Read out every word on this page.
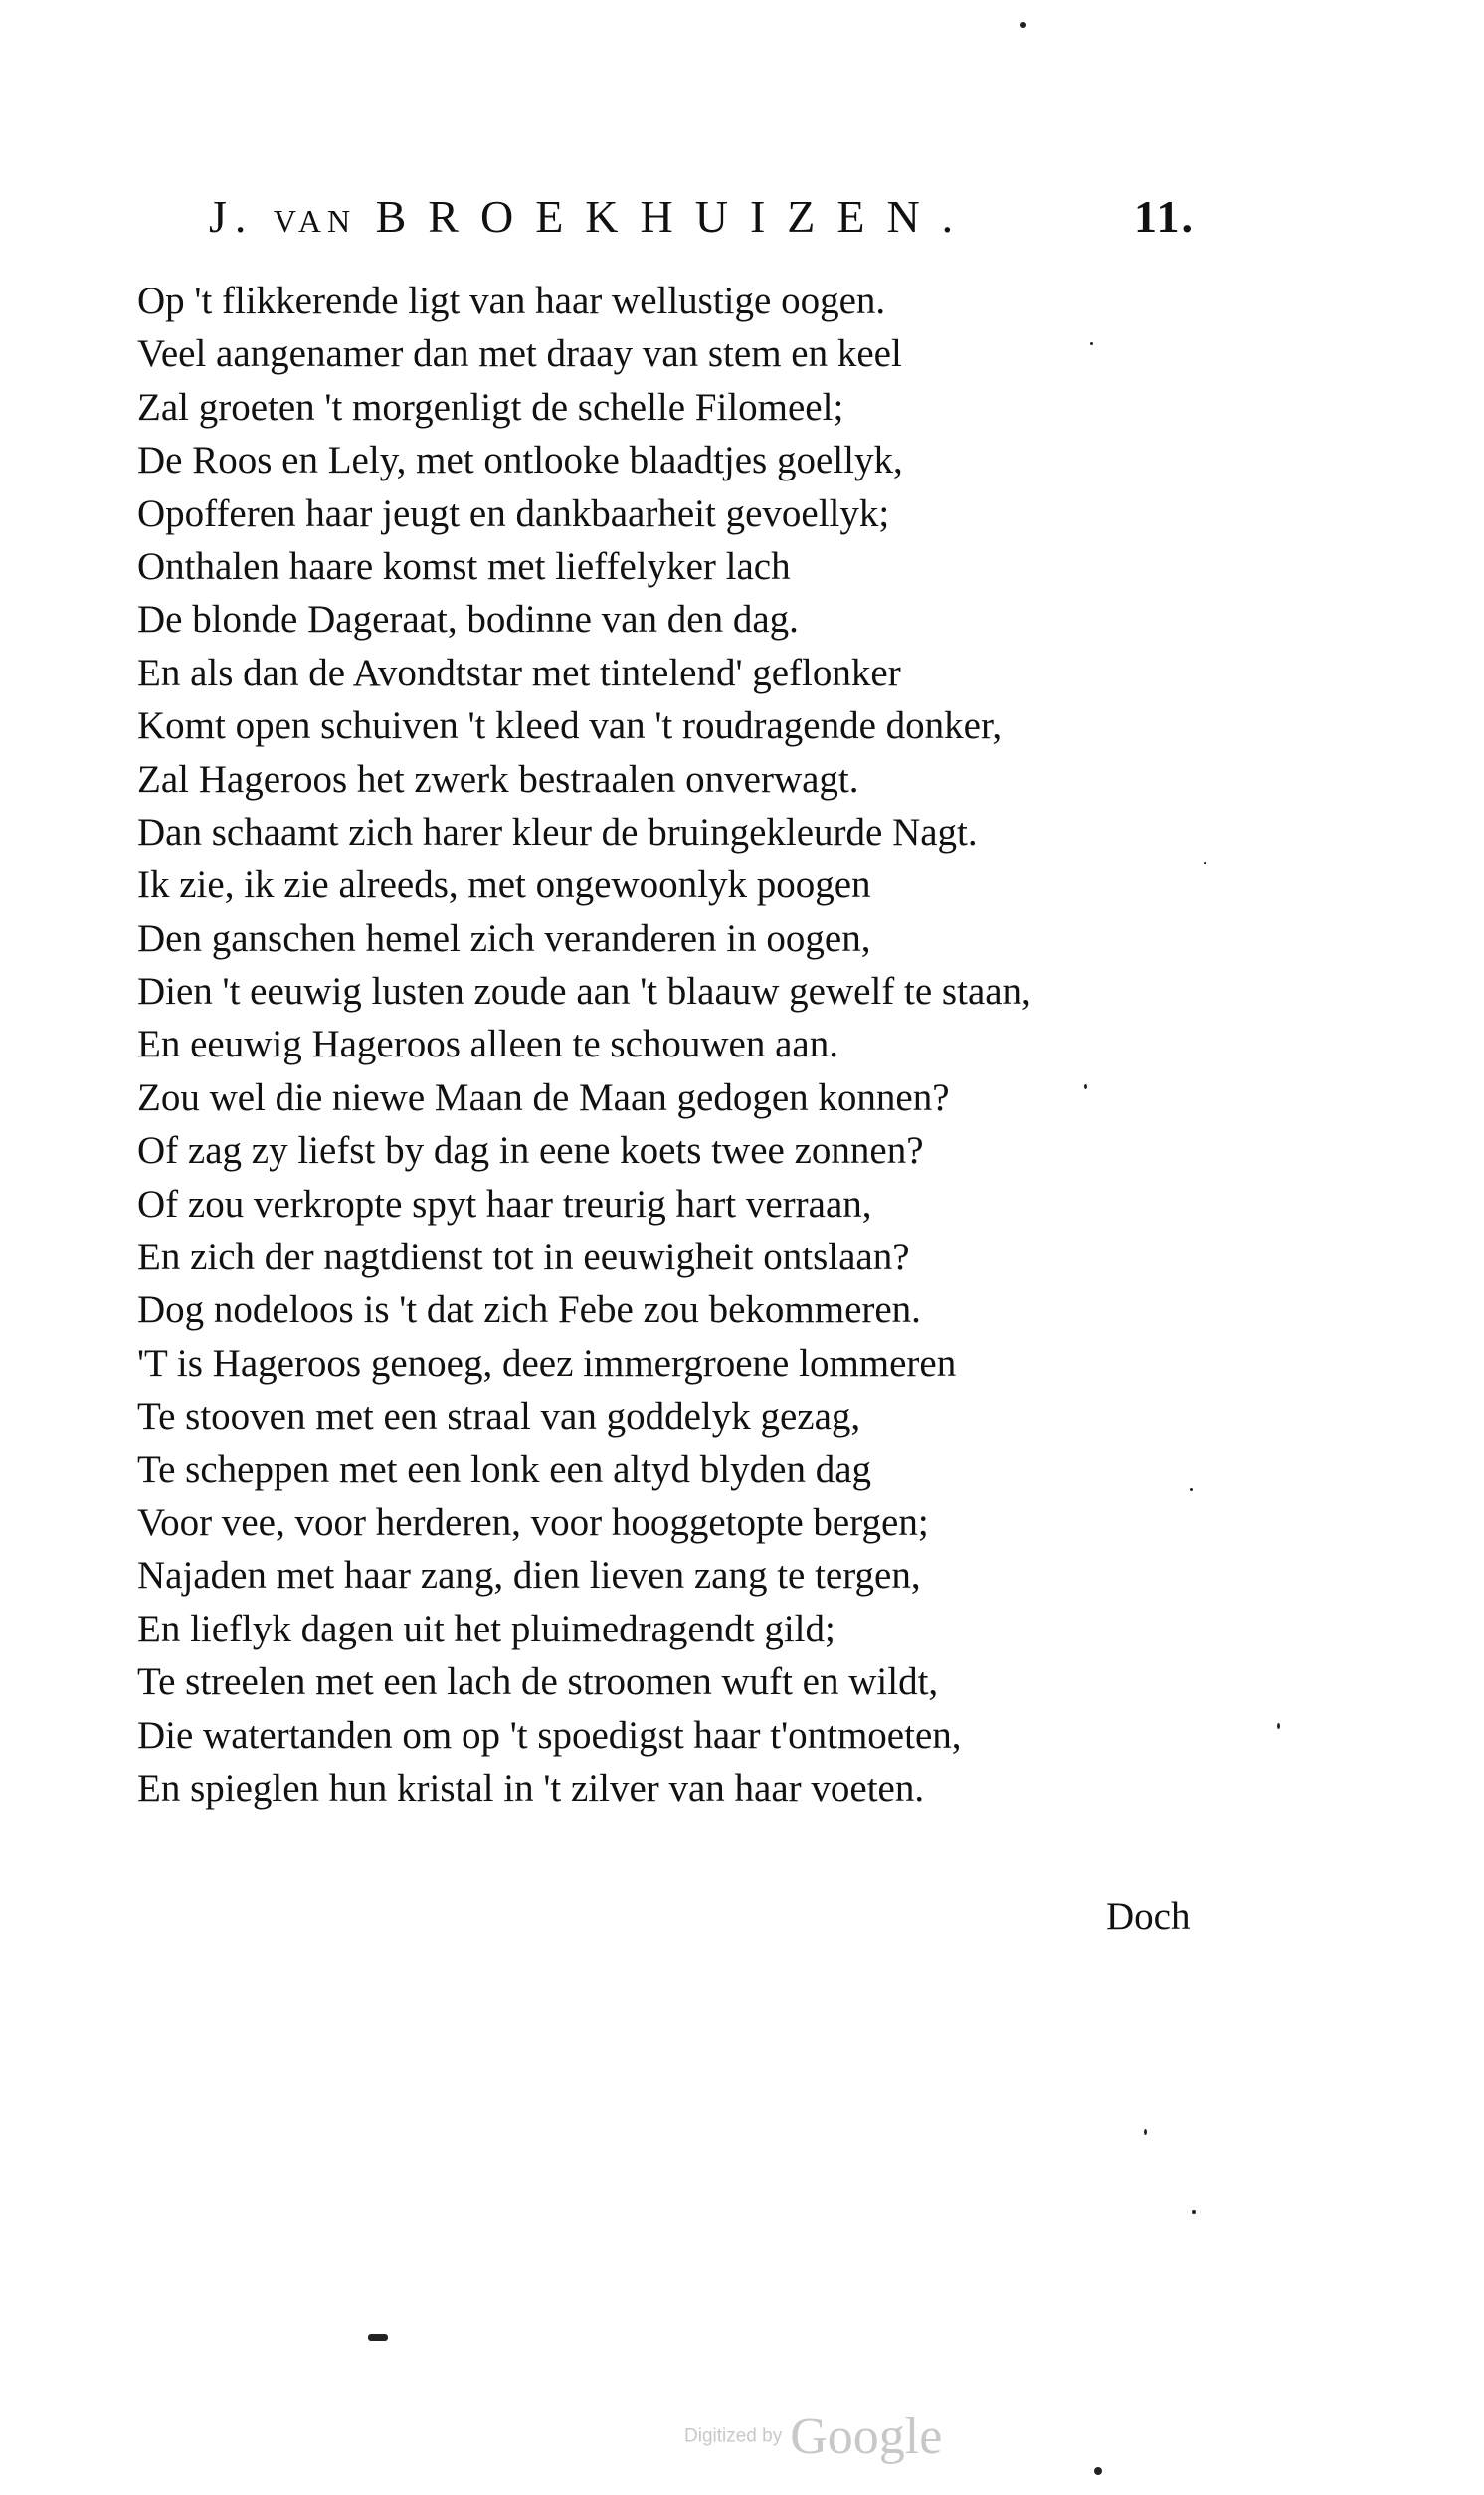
J. VAN BROEKHUIZEN.	11.
Op 't flikkerende ligt van haar wellustige oogen.
Veel aangenamer dan met draay van stem en keel
Zal groeten 't morgenligt de schelle Filomeel;
De Roos en Lely, met ontlooke blaadtjes goellyk,
Opofferen haar jeugt en dankbaarheit gevoellyk;
Onthalen haare komst met lieffelyker lach
De blonde Dageraat, bodinne van den dag.
En als dan de Avondtstar met tintelend' geflonker
Komt open schuiven 't kleed van 't roudragende donker,
Zal Hageroos het zwerk bestraalen onverwagt.
Dan schaamt zich harer kleur de bruingekleurde Nagt.
Ik zie, ik zie alreeds, met ongewoonlyk poogen
Den ganschen hemel zich veranderen in oogen,
Dien 't eeuwig lusten zoude aan 't blaauw gewelf te staan,
En eeuwig Hageroos alleen te schouwen aan.
Zou wel die niewe Maan de Maan gedogen konnen?
Of zag zy liefst by dag in eene koets twee zonnen?
Of zou verkropte spyt haar treurig hart verraan,
En zich der nagtdienst tot in eeuwigheit ontslaan?
Dog nodeloos is 't dat zich Febe zou bekommeren.
'T is Hageroos genoeg, deez immergroene lommeren
Te stooven met een straal van goddelyk gezag,
Te scheppen met een lonk een altyd blyden dag
Voor vee, voor herderen, voor hooggetopte bergen;
Najaden met haar zang, dien lieven zang te tergen,
En lieflyk dagen uit het pluimedragendt gild;
Te streelen met een lach de stroomen wuft en wildt,
Die watertanden om op 't spoedigst haar t'ontmoeten,
En spieglen hun kristal in 't zilver van haar voeten.
Doch
Digitized by Google
